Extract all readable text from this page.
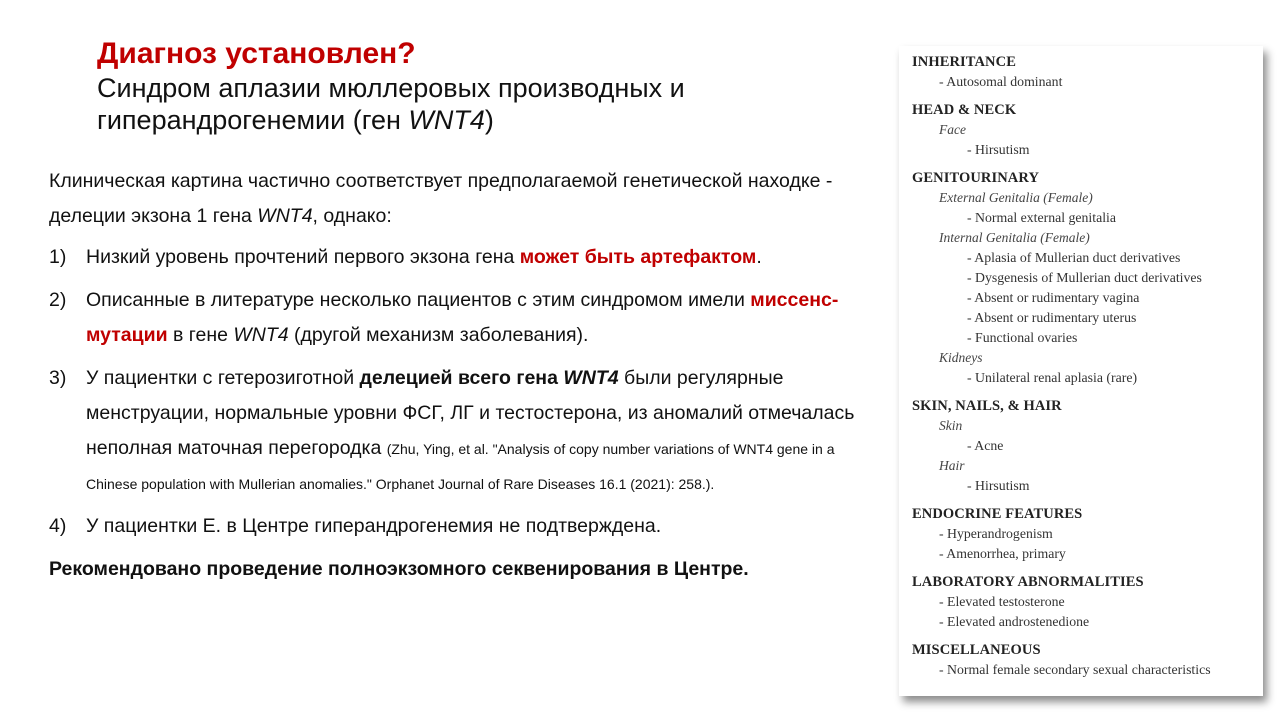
Диагноз установлен?

Синдром аплазии мюллеровых производных и
гиперандрогенемии (ген WNT4)

Клиническая картина частично соответствует предполагаемой генетической находке - делеции экзона 1 гена WNT4, однако:

1) Низкий уровень прочтений первого экзона гена может быть артефактом.
2) Описанные в литературе несколько пациентов с этим синдромом имели миссенс-мутации в гене WNT4 (другой механизм заболевания).
3) У пациентки с гетерозиготной делецией всего гена WNT4 были регулярные менструации, нормальные уровни ФСГ, ЛГ и тестостерона, из аномалий отмечалась неполная маточная перегородка (Zhu, Ying, et al. "Analysis of copy number variations of WNT4 gene in a Chinese population with Mullerian anomalies." Orphanet Journal of Rare Diseases 16.1 (2021): 258.).
4) У пациентки Е. в Центре гиперандрогенемия не подтверждена.
Рекомендовано проведение полноэкзомного секвенирования в Центре.
INHERITANCE
- Autosomal dominant
HEAD & NECK
Face
- Hirsutism
GENITOURINARY
External Genitalia (Female)
- Normal external genitalia
Internal Genitalia (Female)
- Aplasia of Mullerian duct derivatives
- Dysgenesis of Mullerian duct derivatives
- Absent or rudimentary vagina
- Absent or rudimentary uterus
- Functional ovaries
Kidneys
- Unilateral renal aplasia (rare)
SKIN, NAILS, & HAIR
Skin
- Acne
Hair
- Hirsutism
ENDOCRINE FEATURES
- Hyperandrogenism
- Amenorrhea, primary
LABORATORY ABNORMALITIES
- Elevated testosterone
- Elevated androstenedione
MISCELLANEOUS
- Normal female secondary sexual characteristics
